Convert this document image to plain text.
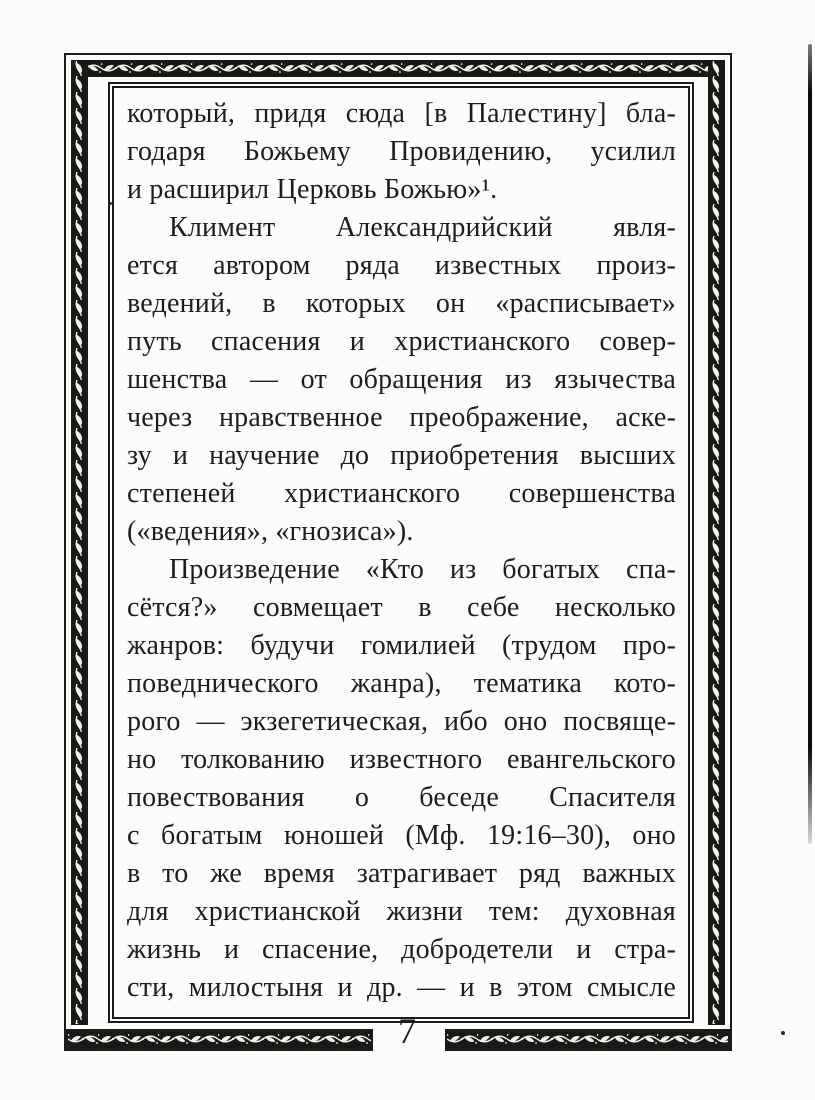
который, придя сюда [в Палестину] бла-
годаря Божьему Провидению, усилил
и расширил Церковь Божью»¹.
Климент Александрийский явля-
ется автором ряда известных произ-
ведений, в которых он «расписывает»
путь спасения и христианского совер-
шенства — от обращения из язычества
через нравственное преображение, аске-
зу и научение до приобретения высших
степеней христианского совершенства
(«ведения», «гнозиса»).
Произведение «Кто из богатых спа-
сётся?» совмещает в себе несколько
жанров: будучи гомилией (трудом про-
поведнического жанра), тематика кото-
рого — экзегетическая, ибо оно посвяще-
но толкованию известного евангельского
повествования о беседе Спасителя
с богатым юношей (Мф. 19:16–30), оно
в то же время затрагивает ряд важных
для христианской жизни тем: духовная
жизнь и спасение, добродетели и стра-
сти, милостыня и др. — и в этом смысле
7
